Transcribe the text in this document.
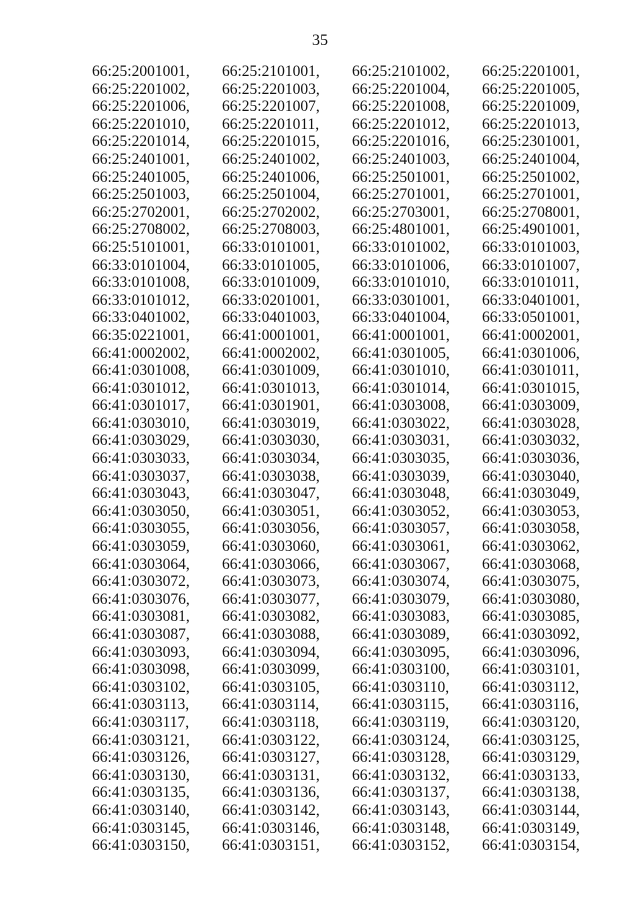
35
66:25:2001001,	66:25:2101001,	66:25:2101002,	66:25:2201001,
66:25:2201002,	66:25:2201003,	66:25:2201004,	66:25:2201005,
66:25:2201006,	66:25:2201007,	66:25:2201008,	66:25:2201009,
66:25:2201010,	66:25:2201011,	66:25:2201012,	66:25:2201013,
66:25:2201014,	66:25:2201015,	66:25:2201016,	66:25:2301001,
66:25:2401001,	66:25:2401002,	66:25:2401003,	66:25:2401004,
66:25:2401005,	66:25:2401006,	66:25:2501001,	66:25:2501002,
66:25:2501003,	66:25:2501004,	66:25:2701001,	66:25:2701001,
66:25:2702001,	66:25:2702002,	66:25:2703001,	66:25:2708001,
66:25:2708002,	66:25:2708003,	66:25:4801001,	66:25:4901001,
66:25:5101001,	66:33:0101001,	66:33:0101002,	66:33:0101003,
66:33:0101004,	66:33:0101005,	66:33:0101006,	66:33:0101007,
66:33:0101008,	66:33:0101009,	66:33:0101010,	66:33:0101011,
66:33:0101012,	66:33:0201001,	66:33:0301001,	66:33:0401001,
66:33:0401002,	66:33:0401003,	66:33:0401004,	66:33:0501001,
66:35:0221001,	66:41:0001001,	66:41:0001001,	66:41:0002001,
66:41:0002002,	66:41:0002002,	66:41:0301005,	66:41:0301006,
66:41:0301008,	66:41:0301009,	66:41:0301010,	66:41:0301011,
66:41:0301012,	66:41:0301013,	66:41:0301014,	66:41:0301015,
66:41:0301017,	66:41:0301901,	66:41:0303008,	66:41:0303009,
66:41:0303010,	66:41:0303019,	66:41:0303022,	66:41:0303028,
66:41:0303029,	66:41:0303030,	66:41:0303031,	66:41:0303032,
66:41:0303033,	66:41:0303034,	66:41:0303035,	66:41:0303036,
66:41:0303037,	66:41:0303038,	66:41:0303039,	66:41:0303040,
66:41:0303043,	66:41:0303047,	66:41:0303048,	66:41:0303049,
66:41:0303050,	66:41:0303051,	66:41:0303052,	66:41:0303053,
66:41:0303055,	66:41:0303056,	66:41:0303057,	66:41:0303058,
66:41:0303059,	66:41:0303060,	66:41:0303061,	66:41:0303062,
66:41:0303064,	66:41:0303066,	66:41:0303067,	66:41:0303068,
66:41:0303072,	66:41:0303073,	66:41:0303074,	66:41:0303075,
66:41:0303076,	66:41:0303077,	66:41:0303079,	66:41:0303080,
66:41:0303081,	66:41:0303082,	66:41:0303083,	66:41:0303085,
66:41:0303087,	66:41:0303088,	66:41:0303089,	66:41:0303092,
66:41:0303093,	66:41:0303094,	66:41:0303095,	66:41:0303096,
66:41:0303098,	66:41:0303099,	66:41:0303100,	66:41:0303101,
66:41:0303102,	66:41:0303105,	66:41:0303110,	66:41:0303112,
66:41:0303113,	66:41:0303114,	66:41:0303115,	66:41:0303116,
66:41:0303117,	66:41:0303118,	66:41:0303119,	66:41:0303120,
66:41:0303121,	66:41:0303122,	66:41:0303124,	66:41:0303125,
66:41:0303126,	66:41:0303127,	66:41:0303128,	66:41:0303129,
66:41:0303130,	66:41:0303131,	66:41:0303132,	66:41:0303133,
66:41:0303135,	66:41:0303136,	66:41:0303137,	66:41:0303138,
66:41:0303140,	66:41:0303142,	66:41:0303143,	66:41:0303144,
66:41:0303145,	66:41:0303146,	66:41:0303148,	66:41:0303149,
66:41:0303150,	66:41:0303151,	66:41:0303152,	66:41:0303154,
